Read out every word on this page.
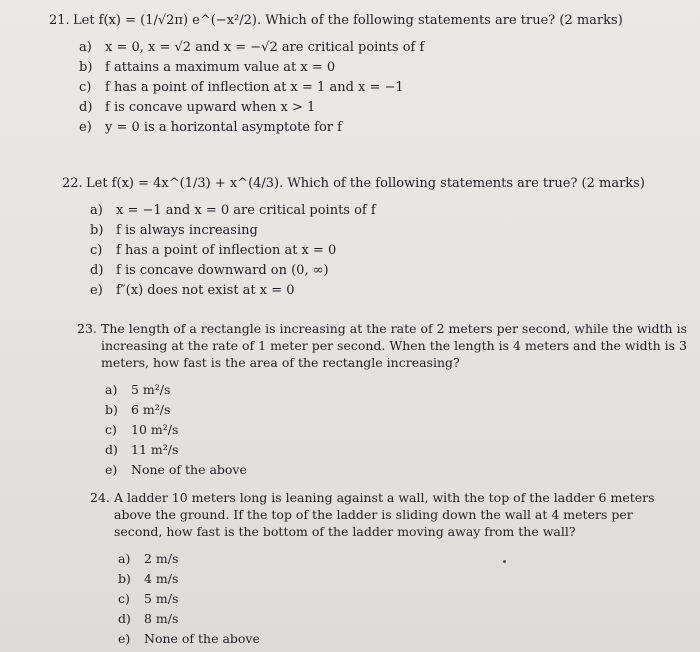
21. Let f(x) = (1/√2π) e^(−x²/2). Which of the following statements are true? (2 marks)
a)	x = 0, x = √2 and x = −√2 are critical points of f
b) f attains a maximum value at x = 0
c)	f has a point of inflection at x = 1 and x = −1
d) f is concave upward when x > 1
e)	y = 0 is a horizontal asymptote for f
22. Let f(x) = 4x^(1/3) + x^(4/3). Which of the following statements are true? (2 marks)
a)	x = −1 and x = 0 are critical points of f
b) f is always increasing
c)	f has a point of inflection at x = 0
d) f is concave downward on (0, ∞)
e)	f″(x) does not exist at x = 0
23. The length of a rectangle is increasing at the rate of 2 meters per second, while the width is increasing at the rate of 1 meter per second. When the length is 4 meters and the width is 3 meters, how fast is the area of the rectangle increasing?
a)	5 m²/s
b)	6 m²/s
c)	10 m²/s
d)	11 m²/s
e)	None of the above
24. A ladder 10 meters long is leaning against a wall, with the top of the ladder 6 meters above the ground. If the top of the ladder is sliding down the wall at 4 meters per second, how fast is the bottom of the ladder moving away from the wall?
a)	2 m/s
b)	4 m/s
c)	5 m/s
d)	8 m/s
e)	None of the above
